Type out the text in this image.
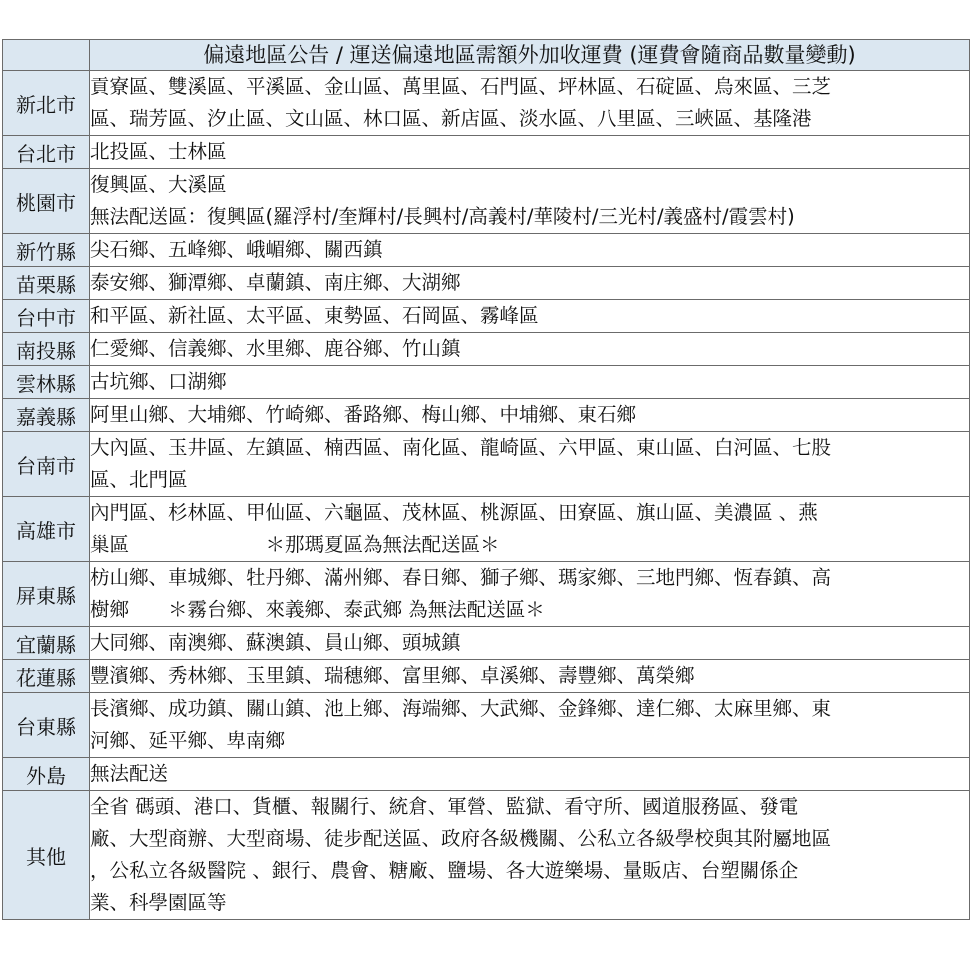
	偏遠地區公告 / 運送偏遠地區需額外加收運費 (運費會隨商品數量變動)
新北市	貢寮區、雙溪區、平溪區、金山區、萬里區、石門區、坪林區、石碇區、烏來區、三芝
區、瑞芳區、汐止區、文山區、林口區、新店區、淡水區、八里區、三峽區、基隆港

台北市	北投區、士林區

桃園市	復興區、大溪區
無法配送區：復興區(羅浮村/奎輝村/長興村/高義村/華陵村/三光村/義盛村/霞雲村)

新竹縣	尖石鄉、五峰鄉、峨嵋鄉、關西鎮

苗栗縣	泰安鄉、獅潭鄉、卓蘭鎮、南庄鄉、大湖鄉

台中市	和平區、新社區、太平區、東勢區、石岡區、霧峰區

南投縣	仁愛鄉、信義鄉、水里鄉、鹿谷鄉、竹山鎮

雲林縣	古坑鄉、口湖鄉

嘉義縣	阿里山鄉、大埔鄉、竹崎鄉、番路鄉、梅山鄉、中埔鄉、東石鄉

台南市	大內區、玉井區、左鎮區、楠西區、南化區、龍崎區、六甲區、東山區、白河區、七股
區、北門區

高雄市	內門區、杉林區、甲仙區、六龜區、茂林區、桃源區、田寮區、旗山區、美濃區 、燕
巢區　　　　　　　＊那瑪夏區為無法配送區＊

屏東縣	枋山鄉、車城鄉、牡丹鄉、滿州鄉、春日鄉、獅子鄉、瑪家鄉、三地門鄉、恆春鎮、高
樹鄉　　＊霧台鄉、來義鄉、泰武鄉 為無法配送區＊

宜蘭縣	大同鄉、南澳鄉、蘇澳鎮、員山鄉、頭城鎮

花蓮縣	豐濱鄉、秀林鄉、玉里鎮、瑞穗鄉、富里鄉、卓溪鄉、壽豐鄉、萬榮鄉

台東縣	長濱鄉、成功鎮、關山鎮、池上鄉、海端鄉、大武鄉、金鋒鄉、達仁鄉、太麻里鄉、東
河鄉、延平鄉、卑南鄉

外島	無法配送

其他	全省 碼頭、港口、貨櫃、報關行、統倉、軍營、監獄、看守所、國道服務區、發電
廠、大型商辦、大型商場、徒步配送區、政府各級機關、公私立各級學校與其附屬地區
，公私立各級醫院 、銀行、農會、糖廠、鹽場、各大遊樂場、量販店、台塑關係企
業、科學園區等
